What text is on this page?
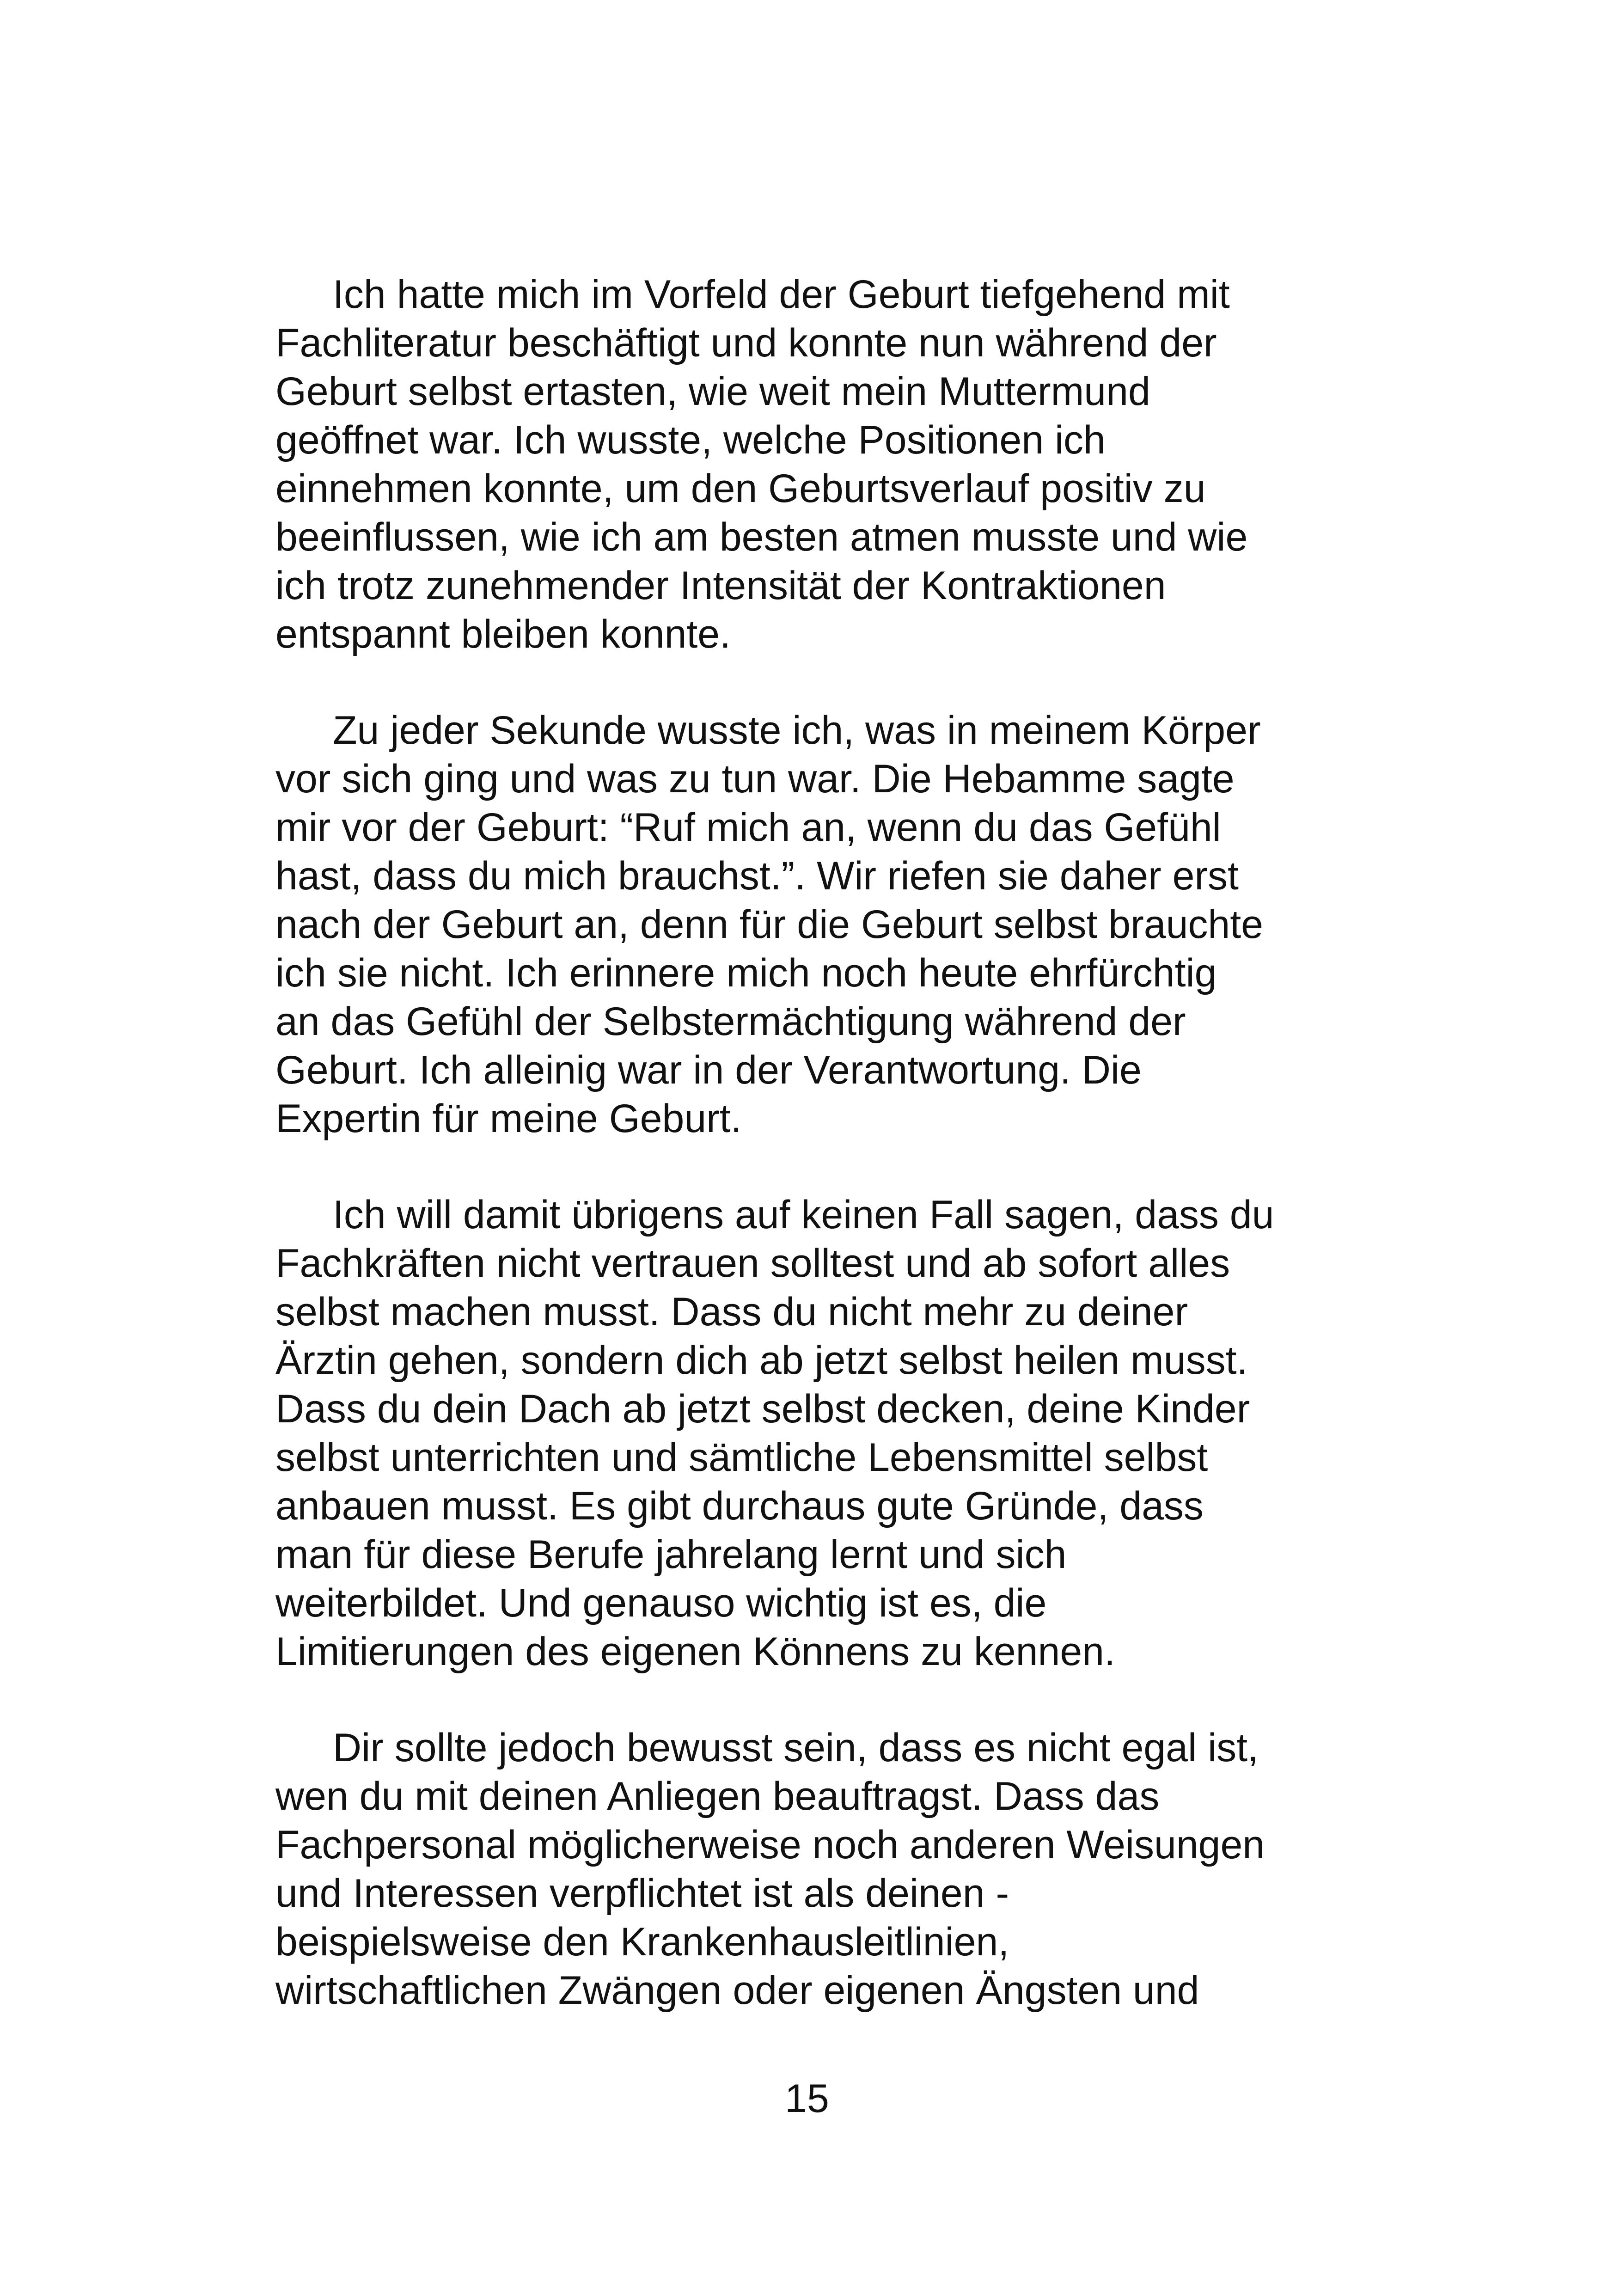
Ich hatte mich im Vorfeld der Geburt tiefgehend mit
Fachliteratur beschäftigt und konnte nun während der
Geburt selbst ertasten, wie weit mein Muttermund
geöffnet war. Ich wusste, welche Positionen ich
einnehmen konnte, um den Geburtsverlauf positiv zu
beeinflussen, wie ich am besten atmen musste und wie
ich trotz zunehmender Intensität der Kontraktionen
entspannt bleiben konnte.

Zu jeder Sekunde wusste ich, was in meinem Körper
vor sich ging und was zu tun war. Die Hebamme sagte
mir vor der Geburt: “Ruf mich an, wenn du das Gefühl
hast, dass du mich brauchst.”. Wir riefen sie daher erst
nach der Geburt an, denn für die Geburt selbst brauchte
ich sie nicht. Ich erinnere mich noch heute ehrfürchtig
an das Gefühl der Selbstermächtigung während der
Geburt. Ich alleinig war in der Verantwortung. Die
Expertin für meine Geburt.

Ich will damit übrigens auf keinen Fall sagen, dass du
Fachkräften nicht vertrauen solltest und ab sofort alles
selbst machen musst. Dass du nicht mehr zu deiner
Ärztin gehen, sondern dich ab jetzt selbst heilen musst.
Dass du dein Dach ab jetzt selbst decken, deine Kinder
selbst unterrichten und sämtliche Lebensmittel selbst
anbauen musst. Es gibt durchaus gute Gründe, dass
man für diese Berufe jahrelang lernt und sich
weiterbildet. Und genauso wichtig ist es, die
Limitierungen des eigenen Könnens zu kennen.

Dir sollte jedoch bewusst sein, dass es nicht egal ist,
wen du mit deinen Anliegen beauftragst. Dass das
Fachpersonal möglicherweise noch anderen Weisungen
und Interessen verpflichtet ist als deinen -
beispielsweise den Krankenhausleitlinien,
wirtschaftlichen Zwängen oder eigenen Ängsten und

15
